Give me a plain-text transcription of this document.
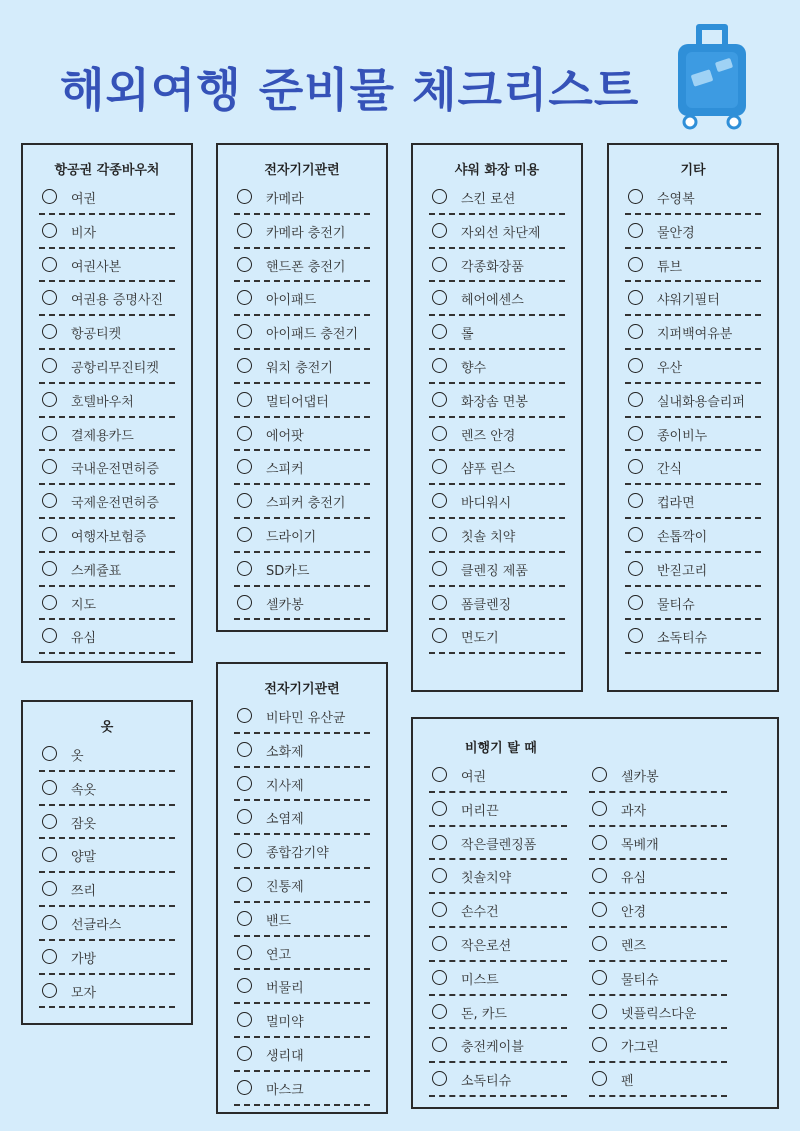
해외여행 준비물 체크리스트
항공권 각종바우처
여권
비자
여권사본
여권용 증명사진
항공티켓
공항리무진티켓
호텔바우처
결제용카드
국내운전면허증
국제운전면허증
여행자보험증
스케쥴표
지도
유심
전자기기관련
카메라
카메라 충전기
핸드폰 충전기
아이패드
아이패드 충전기
워치 충전기
멀티어댑터
에어팟
스피커
스피커 충전기
드라이기
SD카드
셀카봉
샤워 화장 미용
스킨 로션
자외선 차단제
각종화장품
헤어에센스
롤
향수
화장솜 면봉
렌즈 안경
샴푸 린스
바디워시
칫솔 치약
클렌징 제품
폼클렌징
면도기
기타
수영복
물안경
튜브
샤워기필터
지퍼백여유분
우산
실내화용슬리퍼
종이비누
간식
컵라면
손톱깍이
반짇고리
물티슈
소독티슈
옷
옷
속옷
잠옷
양말
쯔리
선글라스
가방
모자
전자기기관련
비타민 유산균
소화제
지사제
소염제
종합감기약
진통제
밴드
연고
버물리
멀미약
생리대
마스크
비행기 탈 때
여권
머리끈
작은클렌징폼
칫솔치약
손수건
작은로션
미스트
돈, 카드
충전케이블
소독티슈
셀카봉
과자
목베개
유심
안경
렌즈
물티슈
넷플릭스다운
가그린
펜
